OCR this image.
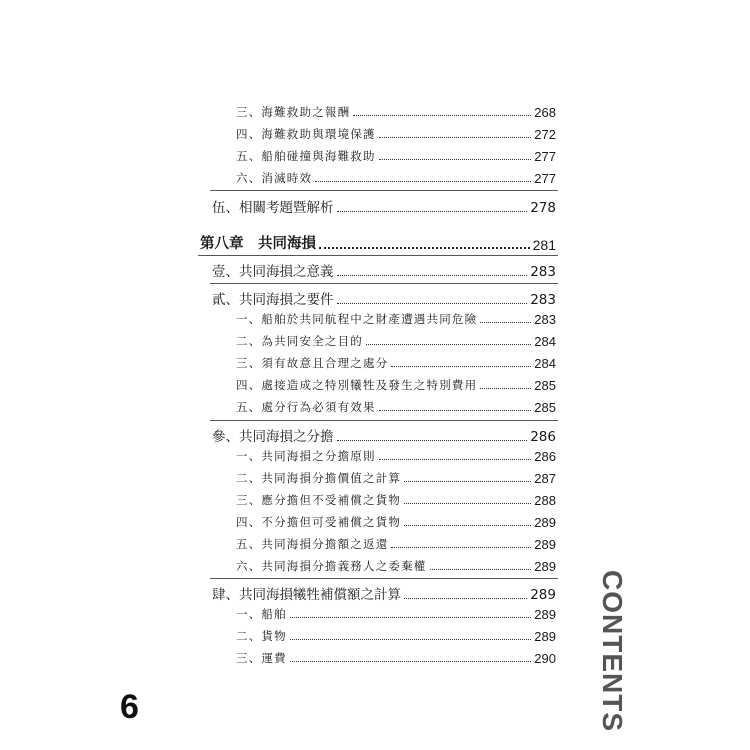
三、海難救助之報酬	268
四、海難救助與環境保護	272
五、船舶碰撞與海難救助	277
六、消滅時效	277
伍、相關考題暨解析	278
第八章　共同海損	281
壹、共同海損之意義	283
貳、共同海損之要件	283
一、船舶於共同航程中之財產遭遇共同危險	283
二、為共同安全之目的	284
三、須有故意且合理之處分	284
四、處接造成之特別犧牲及發生之特別費用	285
五、處分行為必須有效果	285
參、共同海損之分擔	286
一、共同海損之分擔原則	286
二、共同海損分擔價值之計算	287
三、應分擔但不受補償之貨物	288
四、不分擔但可受補償之貨物	289
五、共同海損分擔額之返還	289
六、共同海損分擔義務人之委棄權	289
肆、共同海損犧牲補償額之計算	289
一、船舶	289
二、貨物	289
三、運費	290
6	CONTENTS
